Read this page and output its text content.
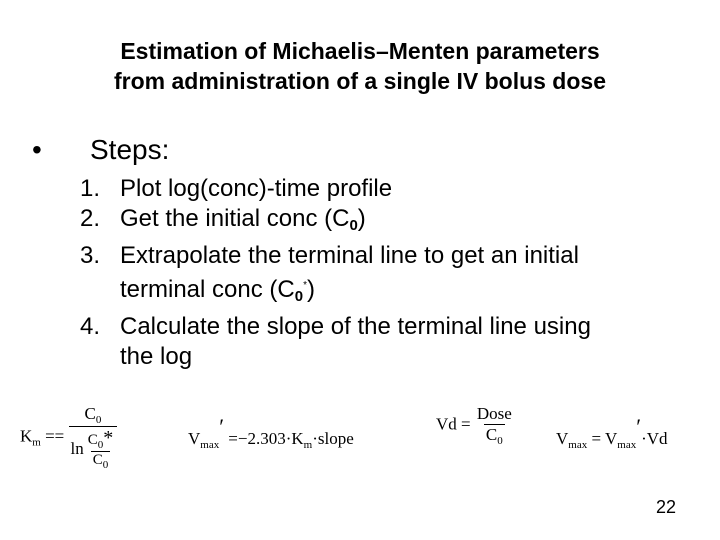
Estimation of Michaelis–Menten parameters
from administration of a single IV bolus dose
• Steps:
1. Plot log(conc)-time profile
2. Get the initial conc $(C_0)$
3. Extrapolate the terminal line to get an initial
terminal conc $(C_0^*)$
4. Calculate the slope of the terminal line using
the log
$K_m == \frac{C_0}{\ln \frac{C_0*}{C_0}}$	$V_{max}'$ $=-2.303\cdot K_m\cdot slope$
$Vd = \frac{\text{Dose}}{C_0} V_{max} = V_{max}'\cdot Vd$
22
